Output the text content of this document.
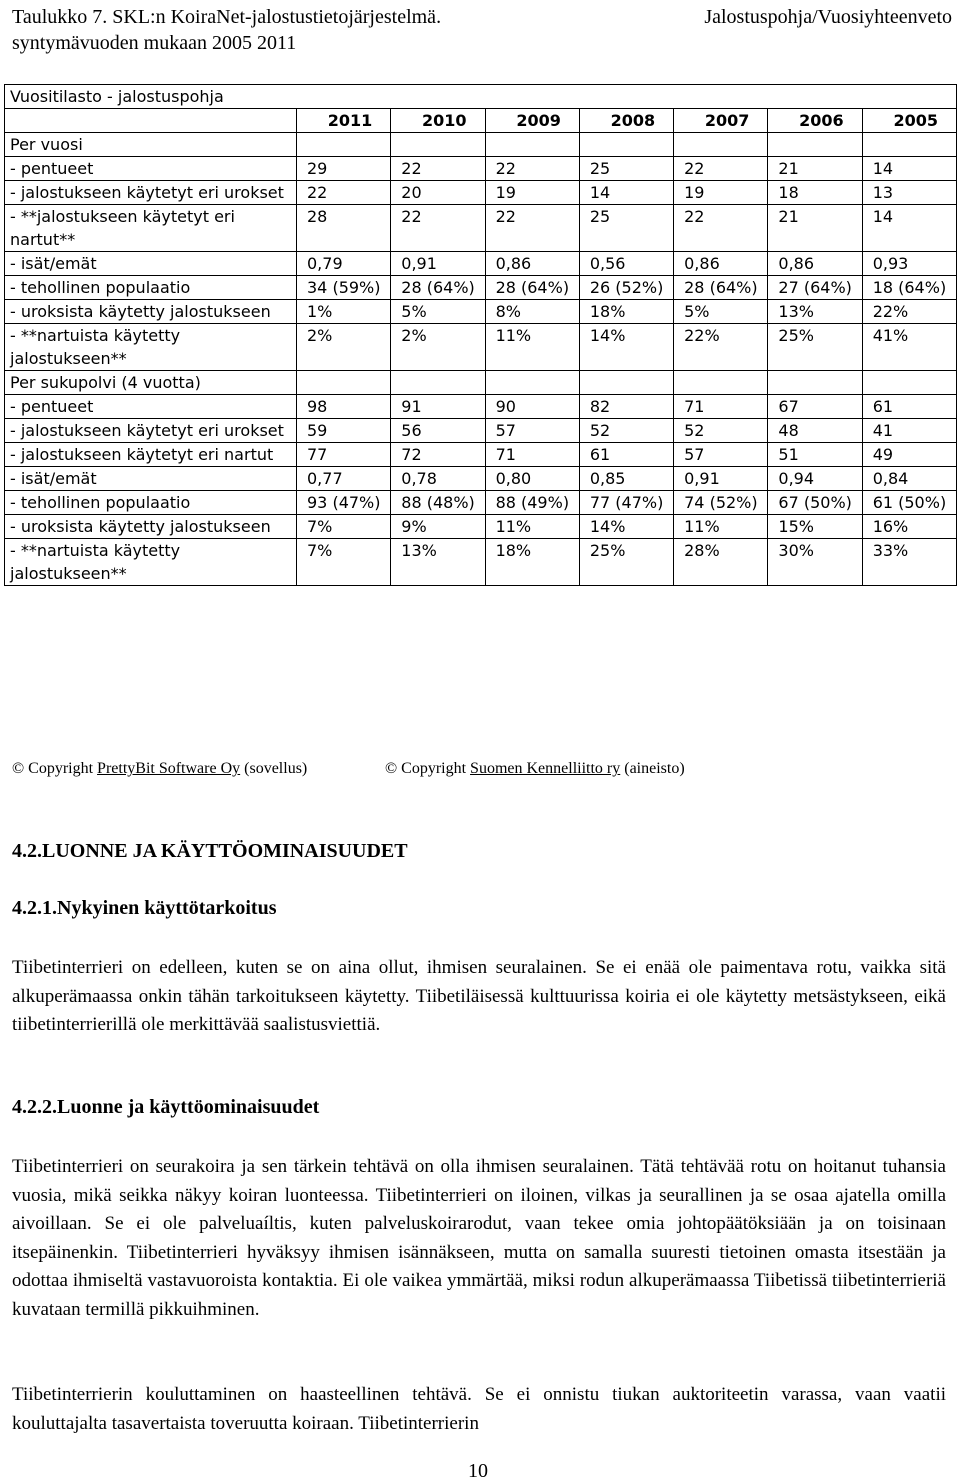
Taulukko 7. SKL:n KoiraNet-jalostustietojärjestelmä.	Jalostuspohja/Vuosiyhteenveto
syntymävuoden mukaan 2005 2011
Vuositilasto - jalostuspohja							
	2011	2010	2009	2008	2007	2006	2005
Per vuosi							
- pentueet	29	22	22	25	22	21	14
- jalostukseen käytetyt eri urokset	22	20	19	14	19	18	13
- **jalostukseen käytetyt eri nartut**	28	22	22	25	22	21	14
- isät/emät	0,79	0,91	0,86	0,56	0,86	0,86	0,93
- tehollinen populaatio	34 (59%)	28 (64%)	28 (64%)	26 (52%)	28 (64%)	27 (64%)	18 (64%)
- uroksista käytetty jalostukseen	1%	5%	8%	18%	5%	13%	22%
- **nartuista käytetty jalostukseen**	2%	2%	11%	14%	22%	25%	41%
Per sukupolvi (4 vuotta)							
- pentueet	98	91	90	82	71	67	61
- jalostukseen käytetyt eri urokset	59	56	57	52	52	48	41
- jalostukseen käytetyt eri nartut	77	72	71	61	57	51	49
- isät/emät	0,77	0,78	0,80	0,85	0,91	0,94	0,84
- tehollinen populaatio	93 (47%)	88 (48%)	88 (49%)	77 (47%)	74 (52%)	67 (50%)	61 (50%)
- uroksista käytetty jalostukseen	7%	9%	11%	14%	11%	15%	16%
- **nartuista käytetty jalostukseen**	7%	13%	18%	25%	28%	30%	33%
© Copyright PrettyBit Software Oy (sovellus)	© Copyright Suomen Kennelliitto ry (aineisto)
4.2.LUONNE JA KÄYTTÖOMINAISUUDET
4.2.1.Nykyinen käyttötarkoitus
Tiibetinterrieri on edelleen, kuten se on aina ollut, ihmisen seuralainen. Se ei enää ole paimentava rotu, vaikka sitä alkuperämaassa onkin tähän tarkoitukseen käytetty. Tiibetiläisessä kulttuurissa koiria ei ole käytetty metsästykseen, eikä tiibetinterrierillä ole merkittävää saalistusviettiä.
4.2.2.Luonne ja käyttöominaisuudet
Tiibetinterrieri on seurakoira ja sen tärkein tehtävä on olla ihmisen seuralainen. Tätä tehtävää rotu on hoitanut tuhansia vuosia, mikä seikka näkyy koiran luonteessa. Tiibetinterrieri on iloinen, vilkas ja seurallinen ja se osaa ajatella omilla aivoillaan. Se ei ole palveluaíltis, kuten palveluskoirarodut, vaan tekee omia johtopäätöksiään ja on toisinaan itsepäinenkin. Tiibetinterrieri hyväksyy ihmisen isännäkseen, mutta on samalla suuresti tietoinen omasta itsestään ja odottaa ihmiseltä vastavuoroista kontaktia. Ei ole vaikea ymmärtää, miksi rodun alkuperämaassa Tiibetissä tiibetinterrieriä kuvataan termillä pikkuihminen.
Tiibetinterrierin kouluttaminen on haasteellinen tehtävä. Se ei onnistu tiukan auktoriteetin varassa, vaan vaatii kouluttajalta tasavertaista toveruutta koiraan. Tiibetinterrierin
10
